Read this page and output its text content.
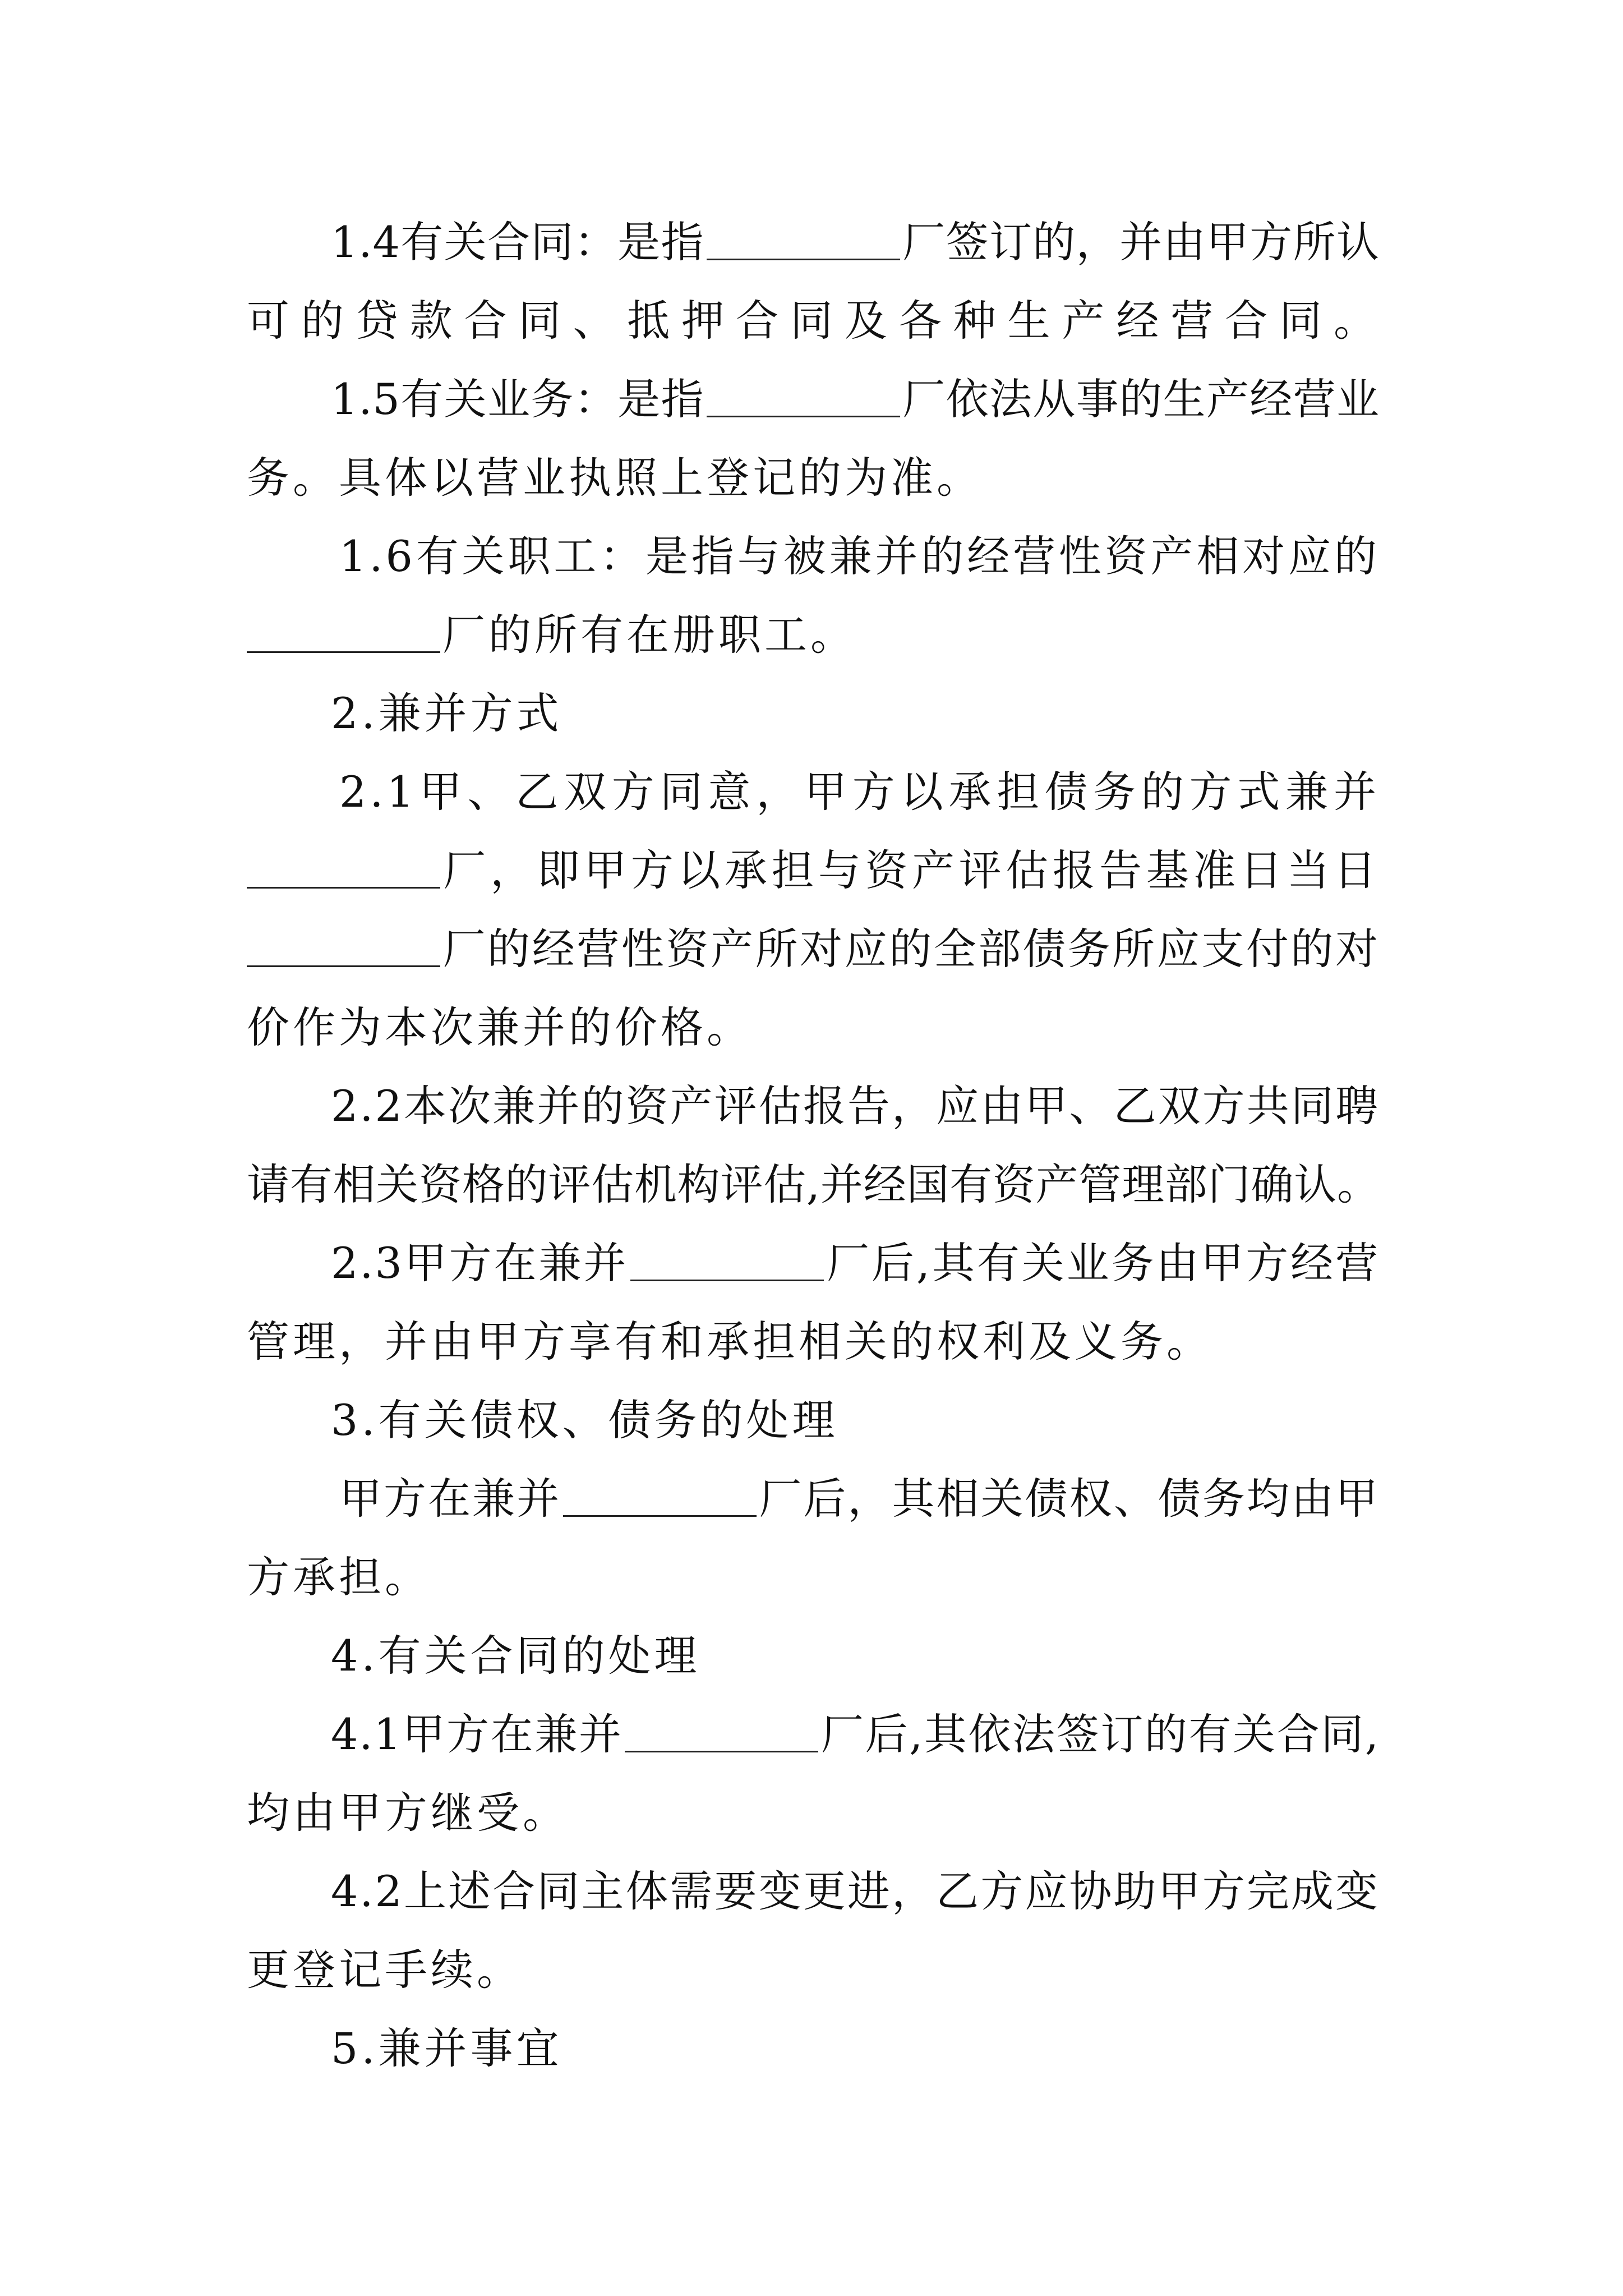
1.4有关合同：是指	厂签订的，并由甲方所认
可的贷款合同、抵押合同及各种生产经营合同。
1.5有关业务：是指	厂依法从事的生产经营业
务。具体以营业执照上登记的为准。
1.6有关职工：是指与被兼并的经营性资产相对应的
厂的所有在册职工。
2.兼并方式
2.1甲、乙双方同意，甲方以承担债务的方式兼并
厂，即甲方以承担与资产评估报告基准日当日
厂的经营性资产所对应的全部债务所应支付的对
价作为本次兼并的价格。
2.2本次兼并的资产评估报告，应由甲、乙双方共同聘
请有相关资格的评估机构评估,并经国有资产管理部门确认。
2.3甲方在兼并	厂后,其有关业务由甲方经营
管理，并由甲方享有和承担相关的权利及义务。
3.有关债权、债务的处理
甲方在兼并	厂后，其相关债权、债务均由甲
方承担。
4.有关合同的处理
4.1甲方在兼并	厂后,其依法签订的有关合同,
均由甲方继受。
4.2上述合同主体需要变更进，乙方应协助甲方完成变
更登记手续。
5.兼并事宜
